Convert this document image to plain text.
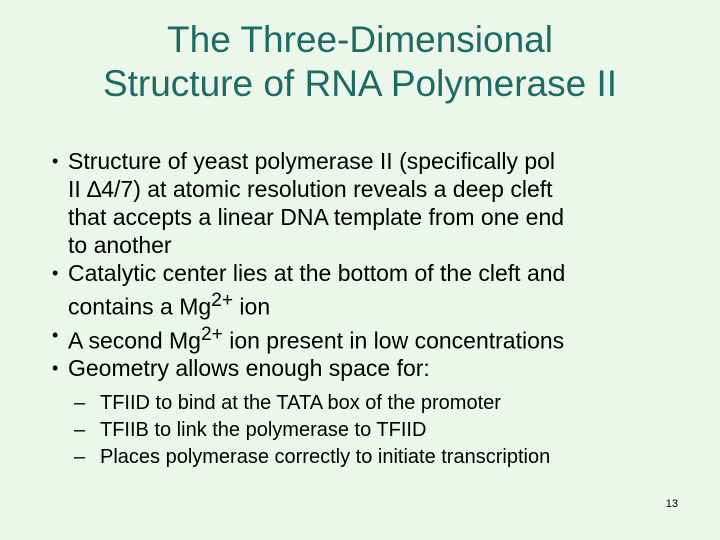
The Three-Dimensional
Structure of RNA Polymerase II
• Structure of yeast polymerase II (specifically pol
II ∆4/7) at atomic resolution reveals a deep cleft
that accepts a linear DNA template from one end
to another
• Catalytic center lies at the bottom of the cleft and
contains a $Mg^{2+}$ ion
• A second $Mg^{2+}$ ion present in low concentrations
• Geometry allows enough space for:
– TFIID to bind at the TATA box of the promoter
– TFIIB to link the polymerase to TFIID
– Places polymerase correctly to initiate transcription
13
